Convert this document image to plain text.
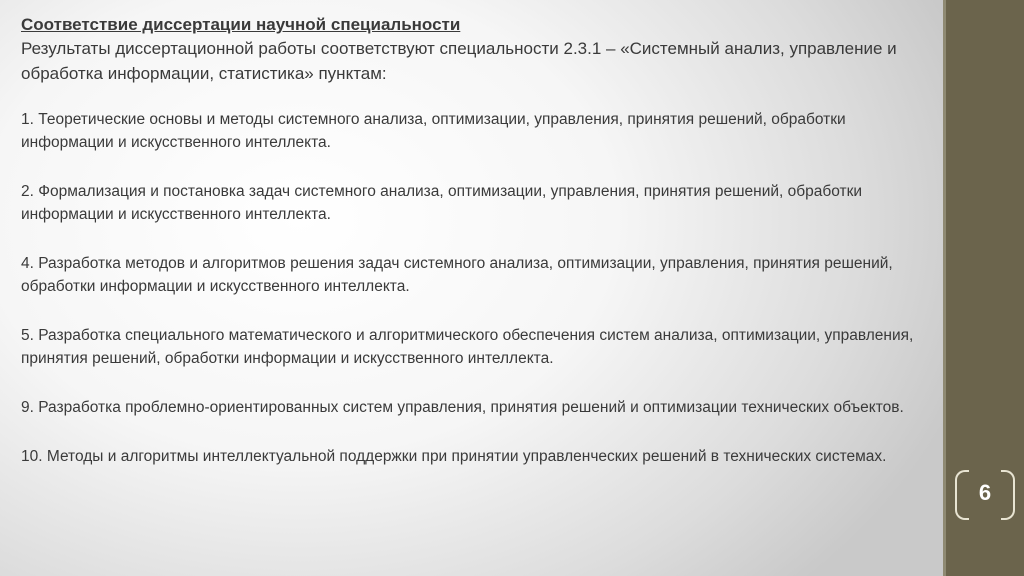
Соответствие диссертации научной специальности

Результаты диссертационной работы соответствуют специальности 2.3.1 – «Системный анализ, управление и обработка информации, статистика» пунктам:

1. Теоретические основы и методы системного анализа, оптимизации, управления, принятия решений, обработки информации и искусственного интеллекта.

2. Формализация и постановка задач системного анализа, оптимизации, управления, принятия решений, обработки информации и искусственного интеллекта.

4. Разработка методов и алгоритмов решения задач системного анализа, оптимизации, управления, принятия решений, обработки информации и искусственного интеллекта.

5. Разработка специального математического и алгоритмического обеспечения систем анализа, оптимизации, управления, принятия решений, обработки информации и искусственного интеллекта.

9. Разработка проблемно-ориентированных систем управления, принятия решений и оптимизации технических объектов.

10. Методы и алгоритмы интеллектуальной поддержки при принятии управленческих решений в технических системах.

6
